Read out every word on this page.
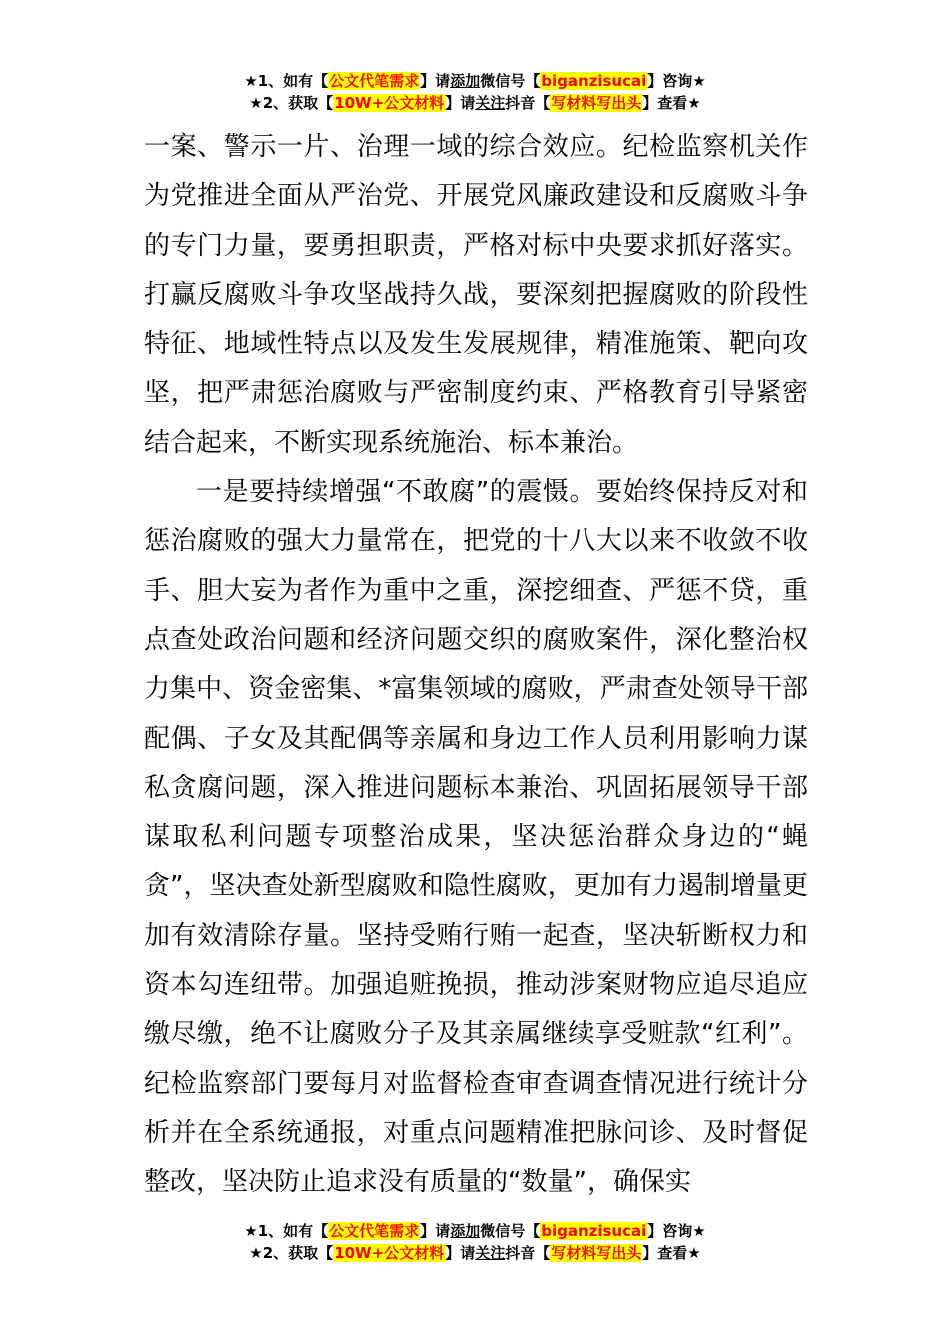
★1、如有【公文代笔需求】请添加微信号【biganzisucai】咨询★
★2、获取【10W+公文材料】请关注抖音【写材料写出头】查看★

一案、警示一片、治理一域的综合效应。纪检监察机关作为党推进全面从严治党、开展党风廉政建设和反腐败斗争的专门力量，要勇担职责，严格对标中央要求抓好落实。打赢反腐败斗争攻坚战持久战，要深刻把握腐败的阶段性特征、地域性特点以及发生发展规律，精准施策、靶向攻坚，把严肃惩治腐败与严密制度约束、严格教育引导紧密结合起来，不断实现系统施治、标本兼治。

一是要持续增强“不敢腐”的震慑。要始终保持反对和惩治腐败的强大力量常在，把党的十八大以来不收敛不收手、胆大妄为者作为重中之重，深挖细查、严惩不贷，重点查处政治问题和经济问题交织的腐败案件，深化整治权力集中、资金密集、*富集领域的腐败，严肃查处领导干部配偶、子女及其配偶等亲属和身边工作人员利用影响力谋私贪腐问题，深入推进问题标本兼治、巩固拓展领导干部谋取私利问题专项整治成果，坚决惩治群众身边的“蝇贪”，坚决查处新型腐败和隐性腐败，更加有力遏制增量更加有效清除存量。坚持受贿行贿一起查，坚决斩断权力和资本勾连纽带。加强追赃挽损，推动涉案财物应追尽追应缴尽缴，绝不让腐败分子及其亲属继续享受赃款“红利”。纪检监察部门要每月对监督检查审查调查情况进行统计分析并在全系统通报，对重点问题精准把脉问诊、及时督促整改，坚决防止追求没有质量的“数量”，确保实

★1、如有【公文代笔需求】请添加微信号【biganzisucai】咨询★
★2、获取【10W+公文材料】请关注抖音【写材料写出头】查看★
